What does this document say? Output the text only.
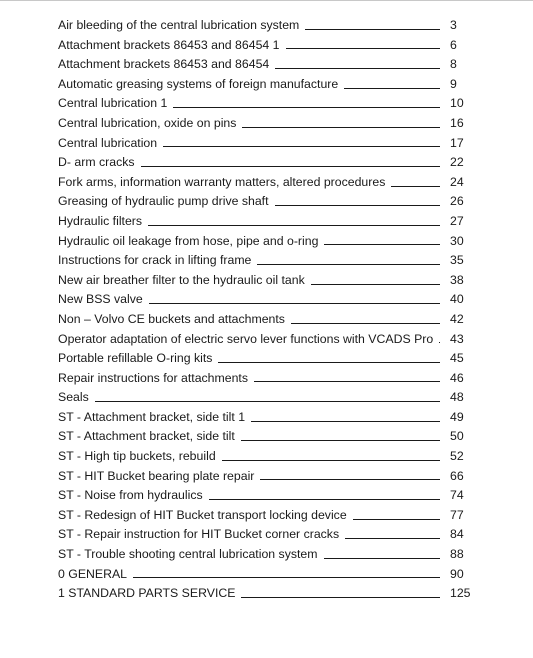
Air bleeding of the central lubrication system	3
Attachment brackets 86453 and 86454 1	6
Attachment brackets 86453 and 86454	8
Automatic greasing systems of foreign manufacture	9
Central lubrication 1	10
Central lubrication, oxide on pins	16
Central lubrication	17
D- arm cracks	22
Fork arms, information warranty matters, altered procedures	24
Greasing of hydraulic pump drive shaft	26
Hydraulic filters	27
Hydraulic oil leakage from hose, pipe and o-ring	30
Instructions for crack in lifting frame	35
New air breather filter to the hydraulic oil tank	38
New BSS valve	40
Non – Volvo CE buckets and attachments	42
Operator adaptation of electric servo lever functions with VCADS Pro 43
Portable refillable O-ring kits	45
Repair instructions for attachments	46
Seals	48
ST - Attachment bracket, side tilt 1	49
ST - Attachment bracket, side tilt	50
ST - High tip buckets, rebuild	52
ST - HIT Bucket bearing plate repair	66
ST - Noise from hydraulics	74
ST - Redesign of HIT Bucket transport locking device	77
ST - Repair instruction for HIT Bucket corner cracks	84
ST - Trouble shooting central lubrication system	88
0 GENERAL	90
1 STANDARD PARTS SERVICE	125
